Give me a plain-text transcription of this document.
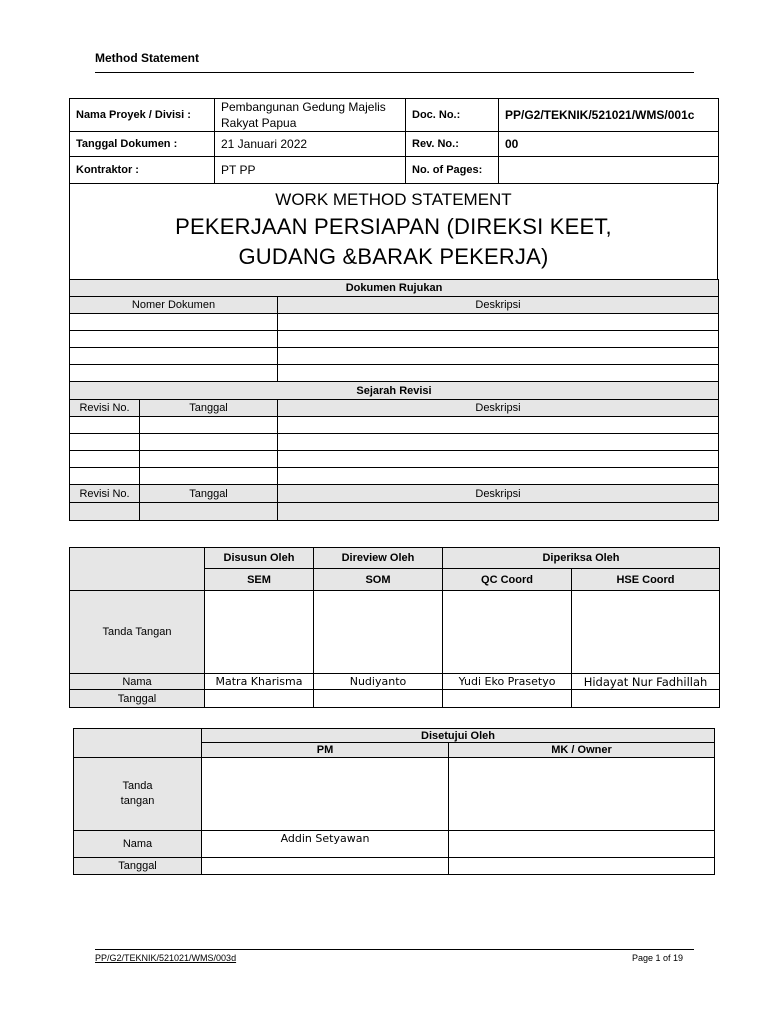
Method Statement
Nama Proyek / Divisi :	Pembangunan Gedung Majelis Rakyat Papua	Doc. No.:	PP/G2/TEKNIK/521021/WMS/001c
Tanggal Dokumen :	21 Januari 2022	Rev. No.:	00
Kontraktor :	PT PP	No. of Pages:	
WORK METHOD STATEMENT
PEKERJAAN PERSIAPAN (DIREKSI KEET, GUDANG &BARAK PEKERJA)
Dokumen Rujukan	
Nomer Dokumen	Deskripsi

Sejarah Revisi		
Revisi No.	Tanggal	Deskripsi

Revisi No.	Tanggal	Deskripsi

	Disusun Oleh	Direview Oleh	Diperiksa Oleh	
	SEM	SOM	QC Coord	HSE Coord
Tanda Tangan				
Nama	Matra Kharisma	Nudiyanto	Yudi Eko Prasetyo	Hidayat Nur Fadhillah
Tanggal				
	Disetujui Oleh	
	PM	MK / Owner

Tanda
tangan		

Nama	Addin Setyawan	
Tanggal		
PP/G2/TEKNIK/521021/WMS/003d	Page 1 of 19
